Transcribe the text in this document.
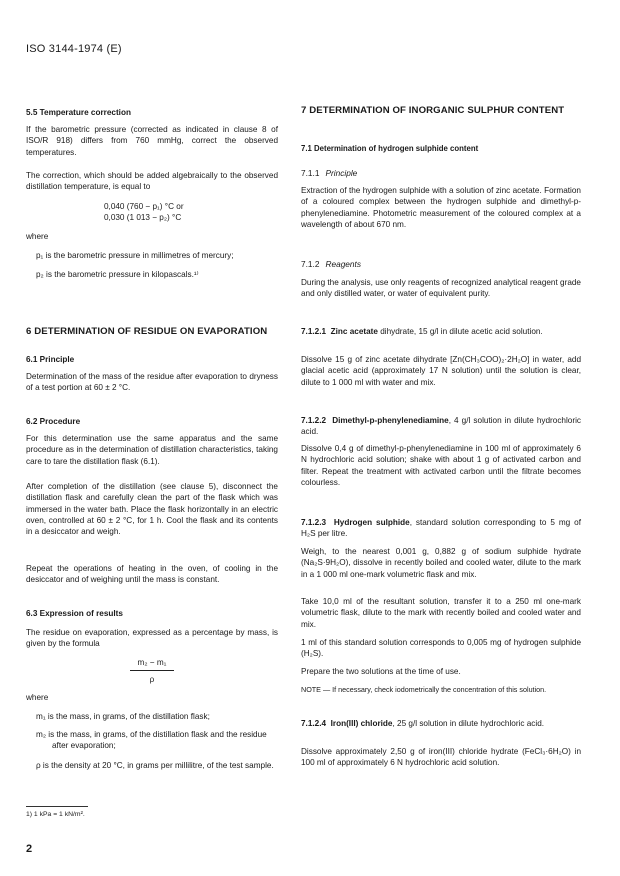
ISO 3144-1974 (E)
5.5 Temperature correction
If the barometric pressure (corrected as indicated in clause 8 of ISO/R 918) differs from 760 mmHg, correct the observed temperatures.
The correction, which should be added algebraically to the observed distillation temperature, is equal to
0,040 (760 − p₁) °C or
0,030 (1 013 − p₂) °C
where
p₁ is the barometric pressure in millimetres of mercury;
p₂ is the barometric pressure in kilopascals.¹⁾
6 DETERMINATION OF RESIDUE ON EVAPORATION
6.1 Principle
Determination of the mass of the residue after evaporation to dryness of a test portion at 60 ± 2 °C.
6.2 Procedure
For this determination use the same apparatus and the same procedure as in the determination of distillation characteristics, taking care to tare the distillation flask (6.1).
After completion of the distillation (see clause 5), disconnect the distillation flask and carefully clean the part of the flask which was immersed in the water bath. Place the flask horizontally in an electric oven, controlled at 60 ± 2 °C, for 1 h. Cool the flask and its contents in a desiccator and weigh.
Repeat the operations of heating in the oven, of cooling in the desiccator and of weighing until the mass is constant.
6.3 Expression of results
The residue on evaporation, expressed as a percentage by mass, is given by the formula
$\frac{\text{m₂ − m₁}}{\rho}$
where
m₁ is the mass, in grams, of the distillation flask;
m₂ is the mass, in grams, of the distillation flask and the residue after evaporation;
ρ is the density at 20 °C, in grams per millilitre, of the test sample.
7 DETERMINATION OF INORGANIC SULPHUR CONTENT
7.1 Determination of hydrogen sulphide content
7.1.1 Principle
Extraction of the hydrogen sulphide with a solution of zinc acetate. Formation of a coloured complex between the hydrogen sulphide and dimethyl-p-phenylenediamine. Photometric measurement of the coloured complex at a wavelength of about 670 nm.
7.1.2 Reagents
During the analysis, use only reagents of recognized analytical reagent grade and only distilled water, or water of equivalent purity.
7.1.2.1 Zinc acetate dihydrate, 15 g/l in dilute acetic acid solution.
Dissolve 15 g of zinc acetate dihydrate [Zn(CH₃COO)₂·2H₂O] in water, add glacial acetic acid (approximately 17 N solution) until the solution is clear, dilute to 1 000 ml with water and mix.
7.1.2.2 Dimethyl-p-phenylenediamine, 4 g/l solution in dilute hydrochloric acid.
Dissolve 0,4 g of dimethyl-p-phenylenediamine in 100 ml of approximately 6 N hydrochloric acid solution; shake with about 1 g of activated carbon and filter. Repeat the treatment with activated carbon until the filtrate becomes colourless.
7.1.2.3 Hydrogen sulphide, standard solution corresponding to 5 mg of H₂S per litre.
Weigh, to the nearest 0,001 g, 0,882 g of sodium sulphide hydrate (Na₂S·9H₂O), dissolve in recently boiled and cooled water, dilute to the mark in a 1 000 ml one-mark volumetric flask and mix.
Take 10,0 ml of the resultant solution, transfer it to a 250 ml one-mark volumetric flask, dilute to the mark with recently boiled and cooled water and mix.
1 ml of this standard solution corresponds to 0,005 mg of hydrogen sulphide (H₂S).
Prepare the two solutions at the time of use.
NOTE — If necessary, check iodometrically the concentration of this solution.
7.1.2.4 Iron(III) chloride, 25 g/l solution in dilute hydrochloric acid.
Dissolve approximately 2,50 g of iron(III) chloride hydrate (FeCl₃·6H₂O) in 100 ml of approximately 6 N hydrochloric acid solution.
1) 1 kPa = 1 kN/m².
2
